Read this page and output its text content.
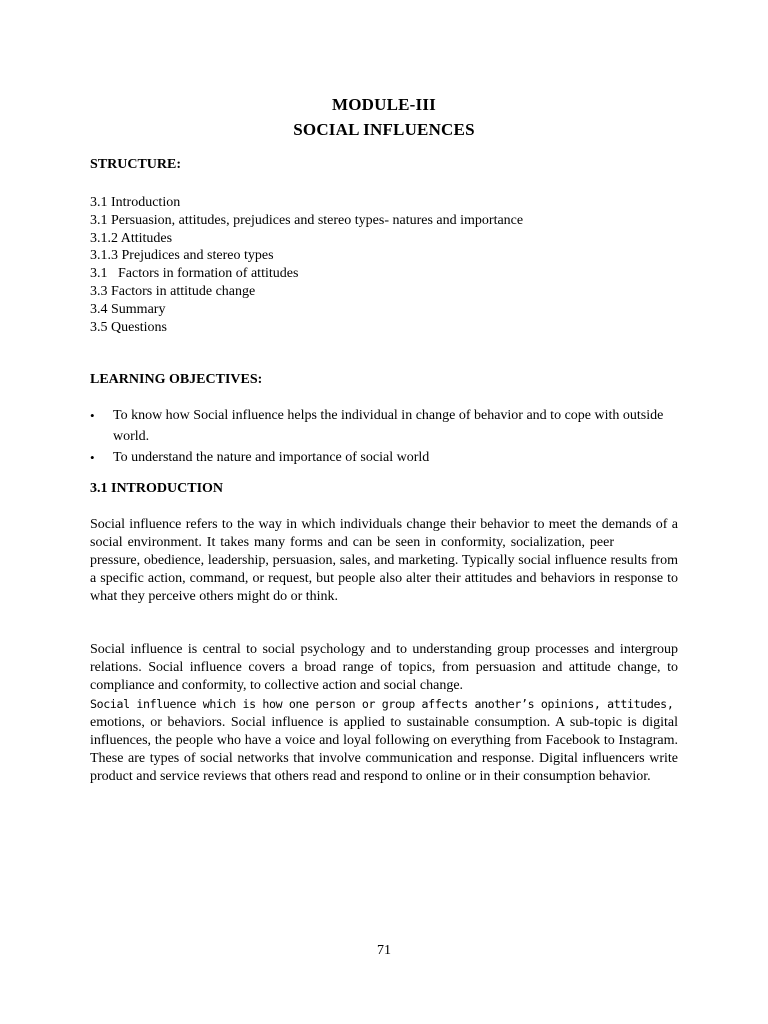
MODULE-III
SOCIAL INFLUENCES
STRUCTURE:
3.1 Introduction
3.1 Persuasion, attitudes, prejudices and stereo types- natures and importance
3.1.2 Attitudes
3.1.3 Prejudices and stereo types
3.1   Factors in formation of attitudes
3.3 Factors in attitude change
3.4 Summary
3.5 Questions
LEARNING OBJECTIVES:
• To know how Social influence helps the individual in change of behavior and to cope with outside world.
• To understand the nature and importance of social world
3.1 INTRODUCTION

Social influence refers to the way in which individuals change their behavior to meet the demands of a social environment. It takes many forms and can be seen in conformity, socialization, peerpressure, obedience, leadership, persuasion, sales, and marketing. Typically social influence results from a specific action, command, or request, but people also alter their attitudes and behaviors in response to what they perceive others might do or think.

Social influence is central to social psychology and to understanding group processes and intergroup relations. Social influence covers a broad range of topics, from persuasion and attitude change, to compliance and conformity, to collective action and social change.
Social influence which is how one person or group affects another’s opinions, attitudes,
emotions, or behaviors. Social influence is applied to sustainable consumption. A sub-topic is digital influences, the people who have a voice and loyal following on everything from Facebook to Instagram. These are types of social networks that involve communication and response. Digital influencers write product and service reviews that others read and respond to online or in their consumption behavior.

71
